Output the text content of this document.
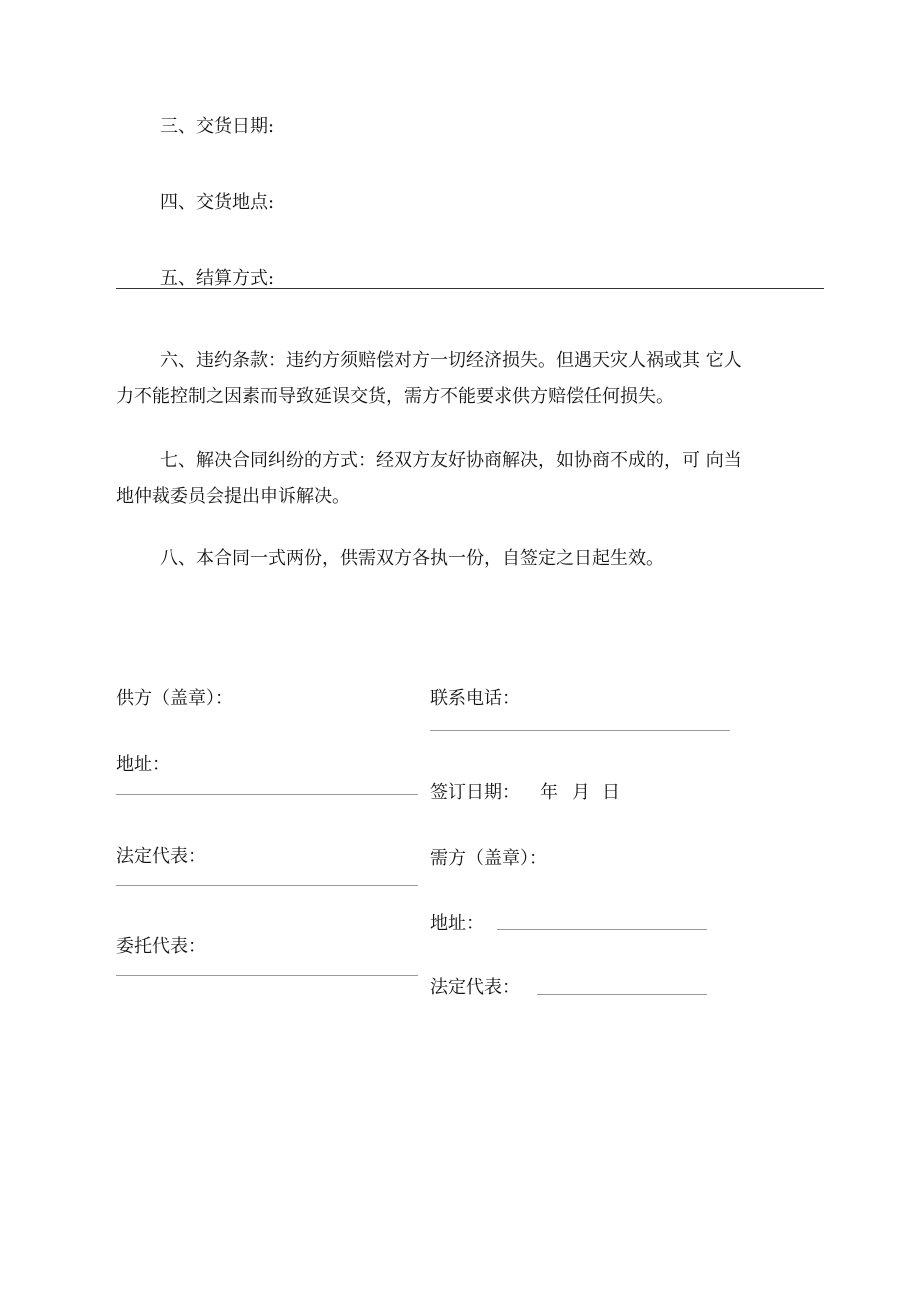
三、交货日期:
四、交货地点:
五、结算方式:
六、违约条款：违约方须赔偿对方一切经济损失。但遇天灾人祸或其 它人
力不能控制之因素而导致延误交货，需方不能要求供方赔偿任何损失。
七、解决合同纠纷的方式：经双方友好协商解决，如协商不成的，可 向当
地仲裁委员会提出申诉解决。
八、本合同一式两份，供需双方各执一份，自签定之日起生效。
供方（盖章）：
地址：
法定代表：
委托代表：
联系电话：
签订日期： 年 月 日
需方（盖章）：
地址：
法定代表：
